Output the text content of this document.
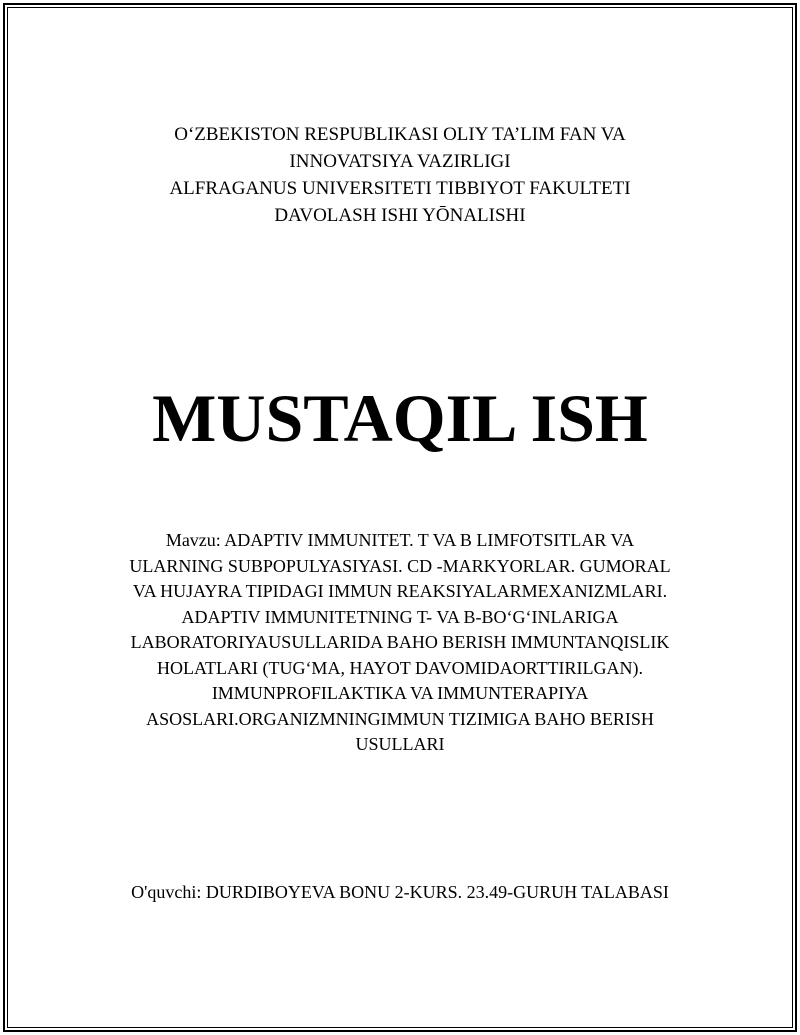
O‘ZBEKISTON RESPUBLIKASI OLIY TA’LIM FAN VA
INNOVATSIYA VAZIRLIGI
ALFRAGANUS UNIVERSITETI TIBBIYOT FAKULTETI
DAVOLASH ISHI YŌNALISHI
MUSTAQIL ISH
Mavzu: ADAPTIV IMMUNITET. T VA B LIMFOTSITLAR VA
ULARNING SUBPOPULYASIYASI. CD -MARKYORLAR. GUMORAL
VA HUJAYRA TIPIDAGI IMMUN REAKSIYALARMEXANIZMLARI.
ADAPTIV IMMUNITETNING T- VA B-BO‘G‘INLARIGA
LABORATORIYAUSULLARIDA BAHO BERISH IMMUNTANQISLIK
HOLATLARI (TUG‘MA, HAYOT DAVOMIDAORTTIRILGAN).
IMMUNPROFILAKTIKA VA IMMUNTERAPIYA
ASOSLARI.ORGANIZMNINGIMMUN TIZIMIGA BAHO BERISH
USULLARI
O'quvchi: DURDIBOYEVA BONU 2-KURS. 23.49-GURUH TALABASI
